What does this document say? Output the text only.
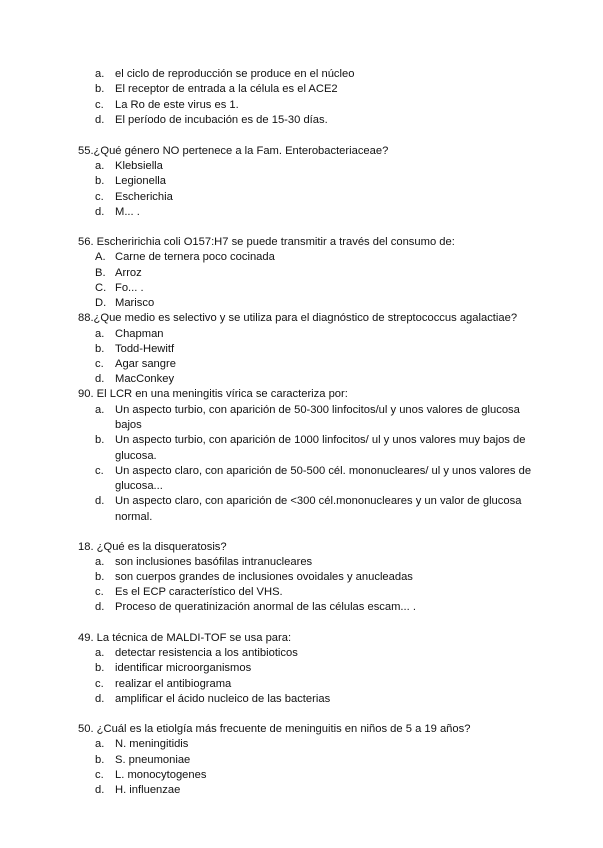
a. el ciclo de reproducción se produce en el núcleo
b. El receptor de entrada a la célula es el ACE2
c. La Ro de este virus es 1.
d. El período de incubación es de 15-30 días.
55.¿Qué género NO pertenece a la Fam. Enterobacteriaceae?
a. Klebsiella
b. Legionella
c. Escherichia
d. M... .
56. Escheririchia coli O157:H7 se puede transmitir a través del consumo de:
A. Carne de ternera poco cocinada
B. Arroz
C. Fo... .
D. Marisco
88.¿Que medio es selectivo y se utiliza para el diagnóstico de streptococcus agalactiae?
a. Chapman
b. Todd-Hewitf
c. Agar sangre
d. MacConkey
90. El LCR en una meningitis vírica se caracteriza por:
a. Un aspecto turbio, con aparición de 50-300 linfocitos/ul y unos valores de glucosa
bajos
b. Un aspecto turbio, con aparición de 1000 linfocitos/ ul y unos valores muy bajos de
glucosa.
c. Un aspecto claro, con aparición de 50-500 cél. mononucleares/ ul y unos valores de
glucosa...
d. Un aspecto claro, con aparición de <300 cél.mononucleares y un valor de glucosa
normal.
18. ¿Qué es la disqueratosis?
a. son inclusiones basófilas intranucleares
b. son cuerpos grandes de inclusiones ovoidales y anucleadas
c. Es el ECP característico del VHS.
d. Proceso de queratinización anormal de las células escam... .
49. La técnica de MALDI-TOF se usa para:
a. detectar resistencia a los antibioticos
b. identificar microorganismos
c. realizar el antibiograma
d. amplificar el ácido nucleico de las bacterias
50. ¿Cuál es la etiolgía más frecuente de meninguitis en niños de 5 a 19 años?
a. N. meningitidis
b. S. pneumoniae
c. L. monocytogenes
d. H. influenzae
